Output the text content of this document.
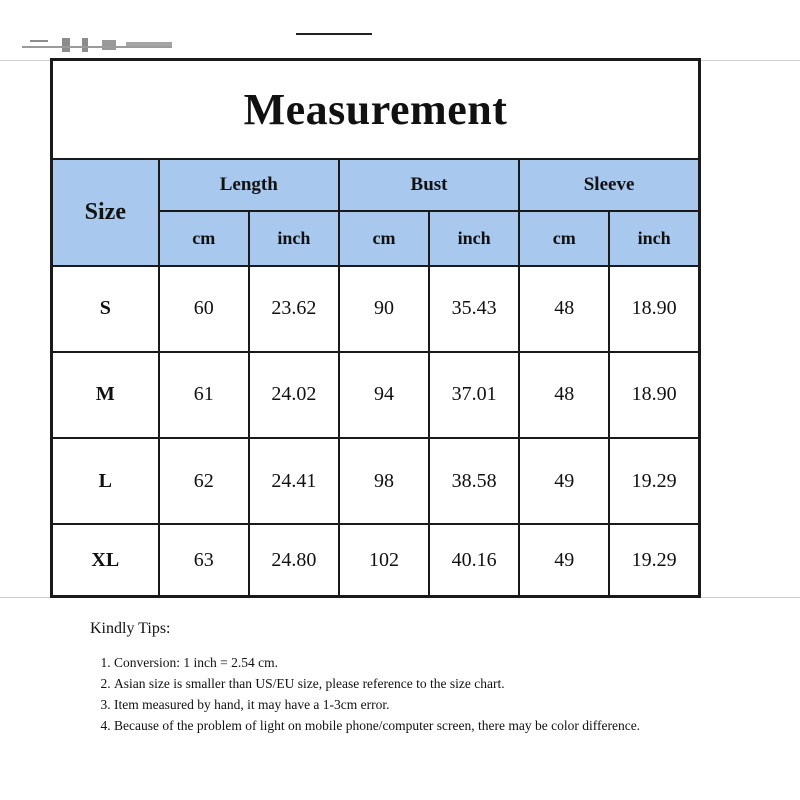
Measurement						
Size	Length		Bust		Sleeve	
	cm	inch	cm	inch	cm	inch
S	60	23.62	90	35.43	48	18.90
M	61	24.02	94	37.01	48	18.90
L	62	24.41	98	38.58	49	19.29
XL	63	24.80	102	40.16	49	19.29

Kindly Tips:

1. Conversion: 1 inch = 2.54 cm.
2. Asian size is smaller than US/EU size, please reference to the size chart.
3. Item measured by hand, it may have a 1-3cm error.
4. Because of the problem of light on mobile phone/computer screen, there may be color difference.
